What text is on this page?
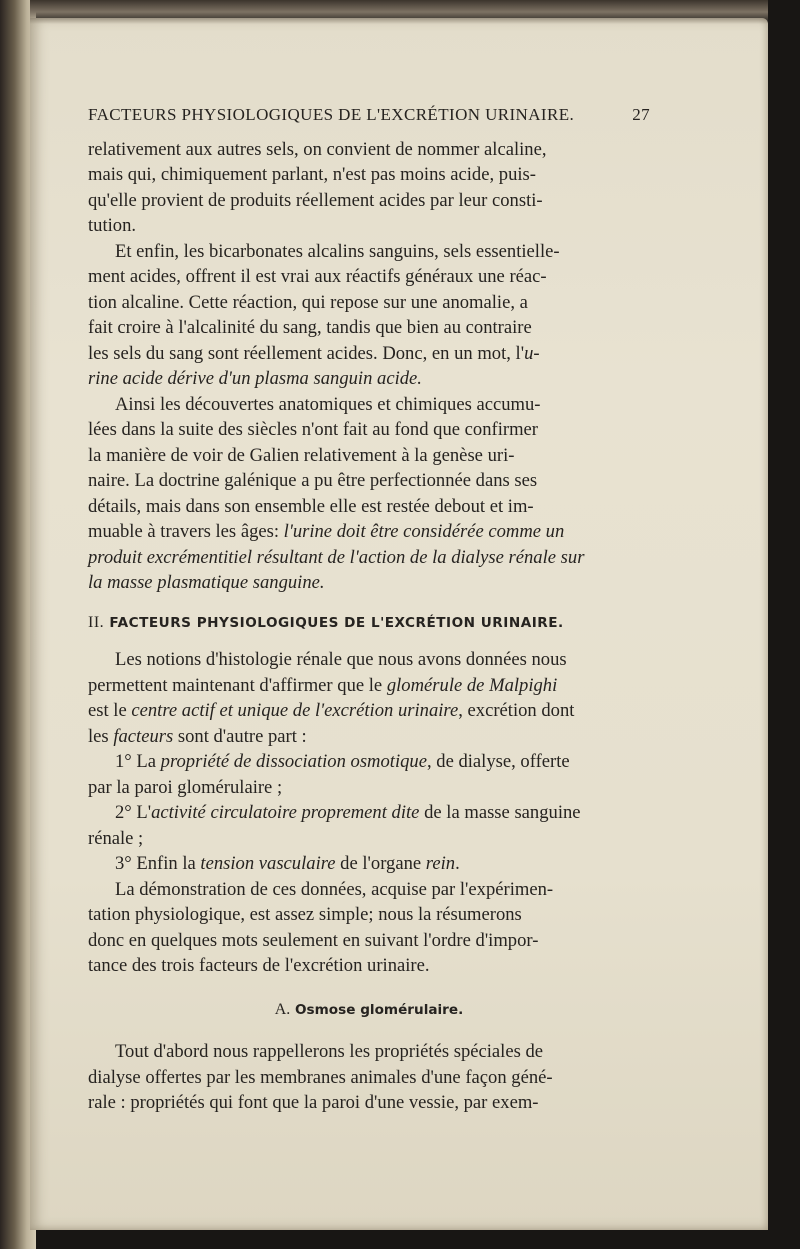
FACTEURS PHYSIOLOGIQUES DE L'EXCRÉTION URINAIRE.	27
relativement aux autres sels, on convient de nommer alcaline,
mais qui, chimiquement parlant, n'est pas moins acide, puis-
qu'elle provient de produits réellement acides par leur consti-
tution.
Et enfin, les bicarbonates alcalins sanguins, sels essentielle-
ment acides, offrent il est vrai aux réactifs généraux une réac-
tion alcaline. Cette réaction, qui repose sur une anomalie, a
fait croire à l'alcalinité du sang, tandis que bien au contraire
les sels du sang sont réellement acides. Donc, en un mot, l'u-
rine acide dérive d'un plasma sanguin acide.
Ainsi les découvertes anatomiques et chimiques accumu-
lées dans la suite des siècles n'ont fait au fond que confirmer
la manière de voir de Galien relativement à la genèse uri-
naire. La doctrine galénique a pu être perfectionnée dans ses
détails, mais dans son ensemble elle est restée debout et im-
muable à travers les âges: l'urine doit être considérée comme un
produit excrémentitiel résultant de l'action de la dialyse rénale sur
la masse plasmatique sanguine.
II. FACTEURS PHYSIOLOGIQUES DE L'EXCRÉTION URINAIRE.
Les notions d'histologie rénale que nous avons données nous
permettent maintenant d'affirmer que le glomérule de Malpighi
est le centre actif et unique de l'excrétion urinaire, excrétion dont
les facteurs sont d'autre part :
1° La propriété de dissociation osmotique, de dialyse, offerte
par la paroi glomérulaire ;
2° L'activité circulatoire proprement dite de la masse sanguine
rénale ;
3° Enfin la tension vasculaire de l'organe rein.
La démonstration de ces données, acquise par l'expérimen-
tation physiologique, est assez simple; nous la résumerons
donc en quelques mots seulement en suivant l'ordre d'impor-
tance des trois facteurs de l'excrétion urinaire.
A. Osmose glomérulaire.
Tout d'abord nous rappellerons les propriétés spéciales de
dialyse offertes par les membranes animales d'une façon géné-
rale : propriétés qui font que la paroi d'une vessie, par exem-
